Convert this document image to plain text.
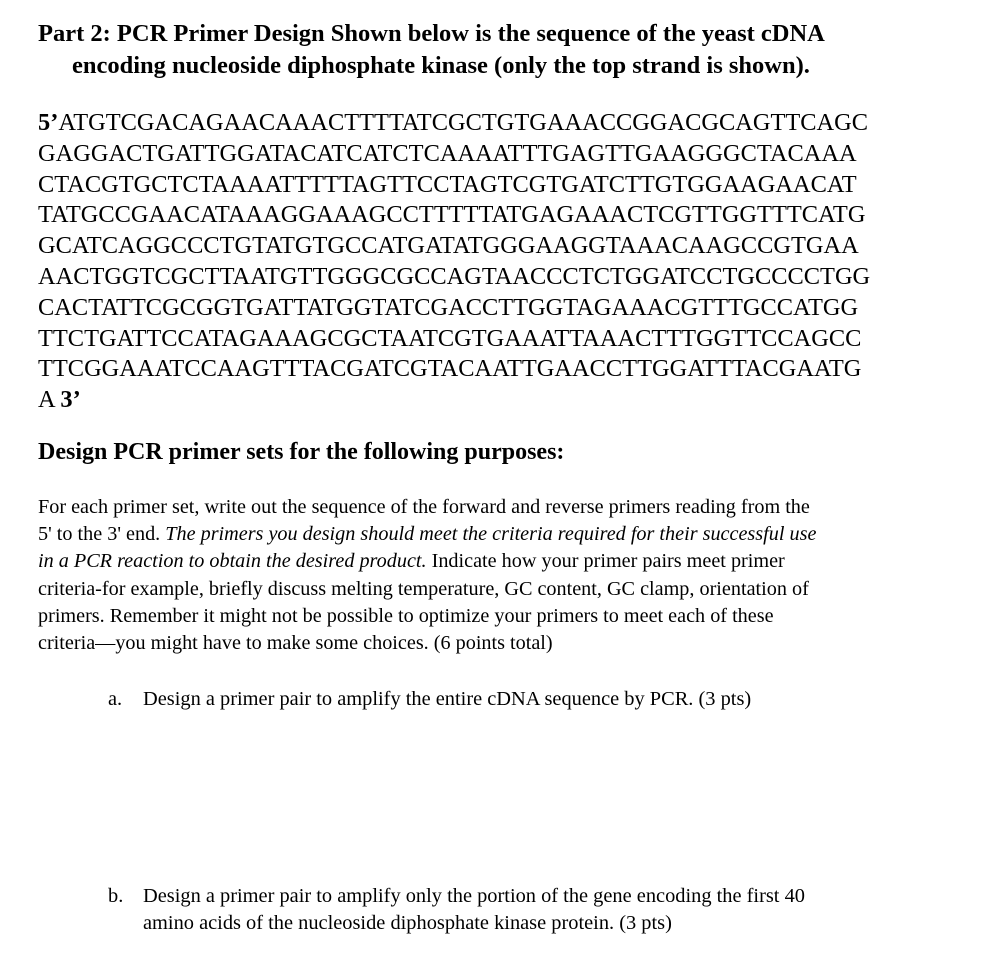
Part 2: PCR Primer Design Shown below is the sequence of the yeast cDNA
encoding nucleoside diphosphate kinase (only the top strand is shown).
5’ATGTCGACAGAACAAACTTTTATCGCTGTGAAACCGGACGCAGTTCAGC
GAGGACTGATTGGATACATCATCTCAAAATTTGAGTTGAAGGGCTACAAA
CTACGTGCTCTAAAATTTTTAGTTCCTAGTCGTGATCTTGTGGAAGAACAT
TATGCCGAACATAAAGGAAAGCCTTTTTATGAGAAACTCGTTGGTTTCATG
GCATCAGGCCCTGTATGTGCCATGATATGGGAAGGTAAACAAGCCGTGAA
AACTGGTCGCTTAATGTTGGGCGCCAGTAACCCTCTGGATCCTGCCCCTGG
CACTATTCGCGGTGATTATGGTATCGACCTTGGTAGAAACGTTTGCCATGG
TTCTGATTCCATAGAAAGCGCTAATCGTGAAATTAAACTTTGGTTCCAGCC
TTCGGAAATCCAAGTTTACGATCGTACAATTGAACCTTGGATTTACGAATG
A 3’
Design PCR primer sets for the following purposes:
For each primer set, write out the sequence of the forward and reverse primers reading from the
5' to the 3' end. The primers you design should meet the criteria required for their successful use
in a PCR reaction to obtain the desired product. Indicate how your primer pairs meet primer
criteria-for example, briefly discuss melting temperature, GC content, GC clamp, orientation of
primers. Remember it might not be possible to optimize your primers to meet each of these
criteria—you might have to make some choices. (6 points total)
a. Design a primer pair to amplify the entire cDNA sequence by PCR. (3 pts)
b. Design a primer pair to amplify only the portion of the gene encoding the first 40
amino acids of the nucleoside diphosphate kinase protein. (3 pts)
